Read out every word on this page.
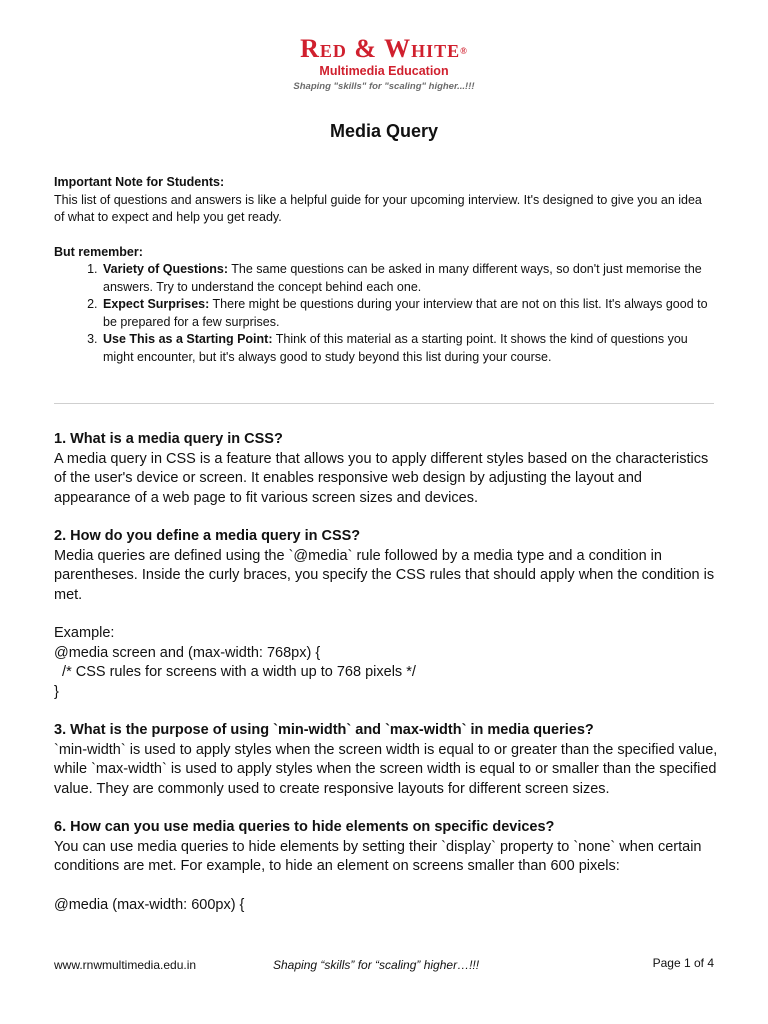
Red & White®
Multimedia Education
Shaping "skills" for "scaling" higher...!!!
Media Query

Important Note for Students:

This list of questions and answers is like a helpful guide for your upcoming interview. It's designed to give you an idea of what to expect and help you get ready.

But remember:

1. Variety of Questions: The same questions can be asked in many different ways, so don't just memorise the answers. Try to understand the concept behind each one.
2. Expect Surprises: There might be questions during your interview that are not on this list. It's always good to be prepared for a few surprises.
3. Use This as a Starting Point: Think of this material as a starting point. It shows the kind of questions you might encounter, but it's always good to study beyond this list during your course.
1. What is a media query in CSS?

A media query in CSS is a feature that allows you to apply different styles based on the characteristics of the user's device or screen. It enables responsive web design by adjusting the layout and appearance of a web page to fit various screen sizes and devices.

2. How do you define a media query in CSS?

Media queries are defined using the `@media` rule followed by a media type and a condition in parentheses. Inside the curly braces, you specify the CSS rules that should apply when the condition is met.

Example:

@media screen and (max-width: 768px) {

/* CSS rules for screens with a width up to 768 pixels */

}

3. What is the purpose of using `min-width` and `max-width` in media queries?

`min-width` is used to apply styles when the screen width is equal to or greater than the specified value, while `max-width` is used to apply styles when the screen width is equal to or smaller than the specified value. They are commonly used to create responsive layouts for different screen sizes.

6. How can you use media queries to hide elements on specific devices?

You can use media queries to hide elements by setting their `display` property to `none` when certain conditions are met. For example, to hide an element on screens smaller than 600 pixels:

@media (max-width: 600px) {

www.rnwmultimedia.edu.in	Shaping “skills” for “scaling” higher…!!!	Page 1 of 4
